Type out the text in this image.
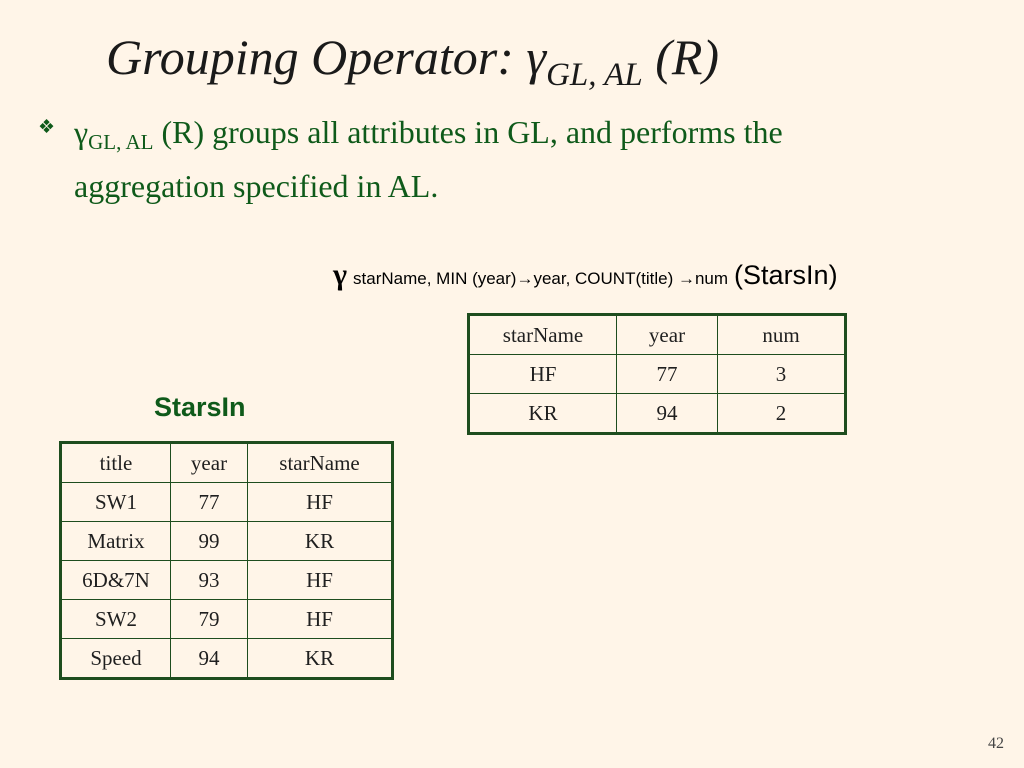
Grouping Operator: $\gamma_{GL, AL}$ (R)
❖ $\gamma_{GL, AL}$ (R) groups all attributes in GL, and performs the aggregation specified in AL.
γstarName, MIN (year)→year, COUNT(title) →num (StarsIn)
starName	year	num
HF	77	3
KR	94	2
StarsIn
title	year	starName
SW1	77	HF
Matrix	99	KR
6D&7N	93	HF
SW2	79	HF
Speed	94	KR
42
